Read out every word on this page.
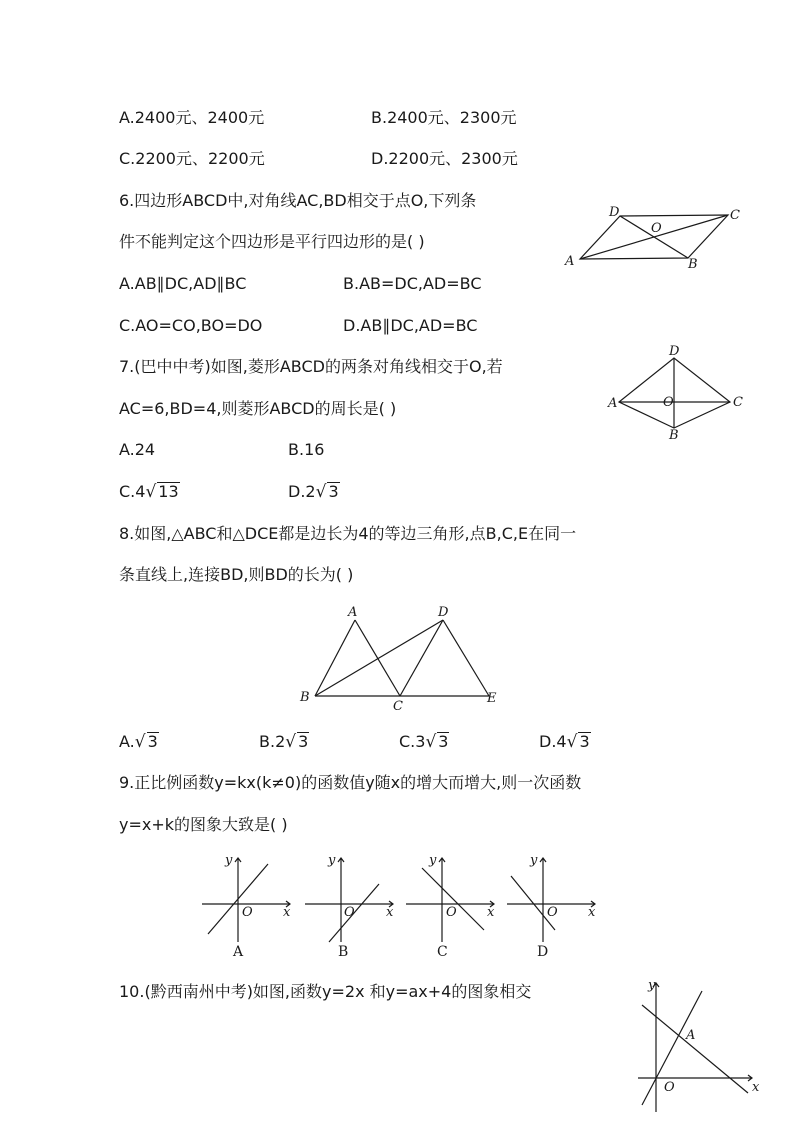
A.2400元、2400元	B.2400元、2300元
C.2200元、2200元	D.2200元、2300元
6.四边形ABCD中,对角线AC,BD相交于点O,下列条
件不能判定这个四边形是平行四边形的是( )
A.AB∥DC,AD∥BC	B.AB=DC,AD=BC
C.AO=CO,BO=DO	D.AB∥DC,AD=BC
A	B
C
D
O
7.(巴中中考)如图,菱形ABCD的两条对角线相交于O,若
AC=6,BD=4,则菱形ABCD的周长是( )
A.24	B.16
C.4√ 13	D.2√ 3
A
B
C
D
O
8.如图,△ABC和△DCE都是边长为4的等边三角形,点B,C,E在同一
条直线上,连接BD,则BD的长为( )
A
B
C
D
E
A.√ 3	B.2√ 3	C.3√ 3	D.4√ 3
9.正比例函数y=kx(k≠0)的函数值y随x的增大而增大,则一次函数
y=x+k的图象大致是( )
y
x
O
A
y
x
O
B
y
x
O
C
y
x
O
D
10.(黔西南州中考)如图,函数y=2x 和y=ax+4的图象相交	y
x
O
A
